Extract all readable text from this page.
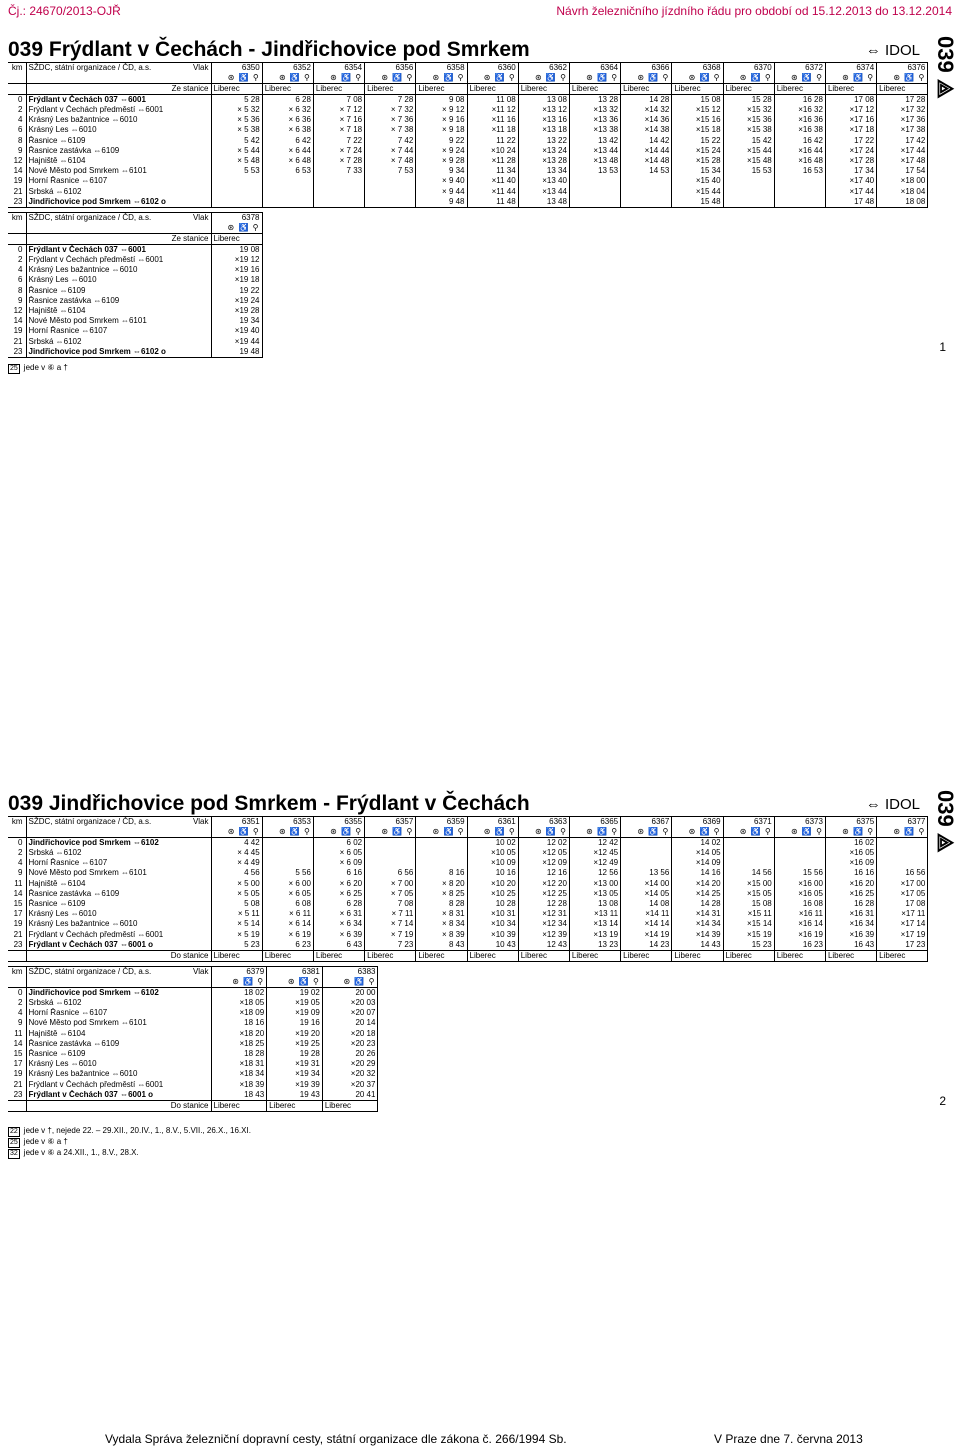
Čj.: 24670/2013-OJŘ	Návrh železničního jízdního řádu pro období od 15.12.2013 do 13.12.2014
039 Frýdlant v Čechách - Jindřichovice pod Smrkem	⇔ IDOL 039 ⟁
1
km	SŽDC, státní organizace / ČD, a.s. Vlak	6350	6352	6354	6356	6358	6360	6362	6364	6366	6368	6370	6372	6374	6376
		⊛ ♿ ⚲	⊛ ♿ ⚲	⊛ ♿ ⚲	⊛ ♿ ⚲	⊛ ♿ ⚲	⊛ ♿ ⚲	⊛ ♿ ⚲	⊛ ♿ ⚲	⊛ ♿ ⚲	⊛ ♿ ⚲	⊛ ♿ ⚲	⊛ ♿ ⚲	⊛ ♿ ⚲	⊛ ♿ ⚲
	Ze stanice	Liberec	Liberec	Liberec	Liberec	Liberec	Liberec	Liberec	Liberec	Liberec	Liberec	Liberec	Liberec	Liberec	Liberec
0	Frýdlant v Čechách 037 ⇔6001	5 28	6 28	7 08	7 28	9 08	11 08	13 08	13 28	14 28	15 08	15 28	16 28	17 08	17 28
2	Frýdlant v Čechách předměstí ⇔6001	× 5 32	× 6 32	× 7 12	× 7 32	× 9 12	×11 12	×13 12	×13 32	×14 32	×15 12	×15 32	×16 32	×17 12	×17 32
4	Krásný Les bažantnice ⇔6010	× 5 36	× 6 36	× 7 16	× 7 36	× 9 16	×11 16	×13 16	×13 36	×14 36	×15 16	×15 36	×16 36	×17 16	×17 36
6	Krásný Les ⇔6010	× 5 38	× 6 38	× 7 18	× 7 38	× 9 18	×11 18	×13 18	×13 38	×14 38	×15 18	×15 38	×16 38	×17 18	×17 38
8	Řasnice ⇔6109	5 42	6 42	7 22	7 42	9 22	11 22	13 22	13 42	14 42	15 22	15 42	16 42	17 22	17 42
9	Řasnice zastávka ⇔6109	× 5 44	× 6 44	× 7 24	× 7 44	× 9 24	×10 24	×13 24	×13 44	×14 44	×15 24	×15 44	×16 44	×17 24	×17 44
12	Hajniště ⇔6104	× 5 48	× 6 48	× 7 28	× 7 48	× 9 28	×11 28	×13 28	×13 48	×14 48	×15 28	×15 48	×16 48	×17 28	×17 48
14	Nové Město pod Smrkem ⇔6101	5 53	6 53	7 33	7 53	9 34	11 34	13 34	13 53	14 53	15 34	15 53	16 53	17 34	17 54
19	Horní Řasnice ⇔6107					× 9 40	×11 40	×13 40			×15 40			×17 40	×18 00
21	Srbská ⇔6102					× 9 44	×11 44	×13 44			×15 44			×17 44	×18 04
23	Jindřichovice pod Smrkem ⇔6102 o					9 48	11 48	13 48			15 48			17 48	18 08
km	SŽDC, státní organizace / ČD, a.s. Vlak	6378
		⊛ ♿ ⚲
	Ze stanice	Liberec
0	Frýdlant v Čechách 037 ⇔6001	19 08
2	Frýdlant v Čechách předměstí ⇔6001	×19 12
4	Krásný Les bažantnice ⇔6010	×19 16
6	Krásný Les ⇔6010	×19 18
8	Řasnice ⇔6109	19 22
9	Řasnice zastávka ⇔6109	×19 24
12	Hajniště ⇔6104	×19 28
14	Nové Město pod Smrkem ⇔6101	19 34
19	Horní Řasnice ⇔6107	×19 40
21	Srbská ⇔6102	×19 44
23	Jindřichovice pod Smrkem ⇔6102 o	19 48
25 jede v ⑥ a †
039 Jindřichovice pod Smrkem - Frýdlant v Čechách	⇔ IDOL 039 ⟁
2
km	SŽDC, státní organizace / ČD, a.s. Vlak	6351	6353	6355	6357	6359	6361	6363	6365	6367	6369	6371	6373	6375	6377
		⊛ ♿ ⚲	⊛ ♿ ⚲	⊛ ♿ ⚲	⊛ ♿ ⚲	⊛ ♿ ⚲	⊛ ♿ ⚲	⊛ ♿ ⚲	⊛ ♿ ⚲	⊛ ♿ ⚲	⊛ ♿ ⚲	⊛ ♿ ⚲	⊛ ♿ ⚲	⊛ ♿ ⚲	⊛ ♿ ⚲
0	Jindřichovice pod Smrkem ⇔6102	4 42		6 02			10 02	12 02	12 42		14 02			16 02	
2	Srbská ⇔6102	× 4 45		× 6 05			×10 05	×12 05	×12 45		×14 05			×16 05	
4	Horní Řasnice ⇔6107	× 4 49		× 6 09			×10 09	×12 09	×12 49		×14 09			×16 09	
9	Nové Město pod Smrkem ⇔6101	4 56	5 56	6 16	6 56	8 16	10 16	12 16	12 56	13 56	14 16	14 56	15 56	16 16	16 56
11	Hajniště ⇔6104	× 5 00	× 6 00	× 6 20	× 7 00	× 8 20	×10 20	×12 20	×13 00	×14 00	×14 20	×15 00	×16 00	×16 20	×17 00
14	Řasnice zastávka ⇔6109	× 5 05	× 6 05	× 6 25	× 7 05	× 8 25	×10 25	×12 25	×13 05	×14 05	×14 25	×15 05	×16 05	×16 25	×17 05
15	Řasnice ⇔6109	5 08	6 08	6 28	7 08	8 28	10 28	12 28	13 08	14 08	14 28	15 08	16 08	16 28	17 08
17	Krásný Les ⇔6010	× 5 11	× 6 11	× 6 31	× 7 11	× 8 31	×10 31	×12 31	×13 11	×14 11	×14 31	×15 11	×16 11	×16 31	×17 11
19	Krásný Les bažantnice ⇔6010	× 5 14	× 6 14	× 6 34	× 7 14	× 8 34	×10 34	×12 34	×13 14	×14 14	×14 34	×15 14	×16 14	×16 34	×17 14
21	Frýdlant v Čechách předměstí ⇔6001	× 5 19	× 6 19	× 6 39	× 7 19	× 8 39	×10 39	×12 39	×13 19	×14 19	×14 39	×15 19	×16 19	×16 39	×17 19
23	Frýdlant v Čechách 037 ⇔6001 o	5 23	6 23	6 43	7 23	8 43	10 43	12 43	13 23	14 23	14 43	15 23	16 23	16 43	17 23
	Do stanice	Liberec	Liberec	Liberec	Liberec	Liberec	Liberec	Liberec	Liberec	Liberec	Liberec	Liberec	Liberec	Liberec	Liberec
km	SŽDC, státní organizace / ČD, a.s. Vlak	6379	6381	6383
		⊛ ♿ ⚲	⊛ ♿ ⚲	⊛ ♿ ⚲
0	Jindřichovice pod Smrkem ⇔6102	18 02	19 02	20 00
2	Srbská ⇔6102	×18 05	×19 05	×20 03
4	Horní Řasnice ⇔6107	×18 09	×19 09	×20 07
9	Nové Město pod Smrkem ⇔6101	18 16	19 16	20 14
11	Hajniště ⇔6104	×18 20	×19 20	×20 18
14	Řasnice zastávka ⇔6109	×18 25	×19 25	×20 23
15	Řasnice ⇔6109	18 28	19 28	20 26
17	Krásný Les ⇔6010	×18 31	×19 31	×20 29
19	Krásný Les bažantnice ⇔6010	×18 34	×19 34	×20 32
21	Frýdlant v Čechách předměstí ⇔6001	×18 39	×19 39	×20 37
23	Frýdlant v Čechách 037 ⇔6001 o	18 43	19 43	20 41
	Do stanice	Liberec	Liberec	Liberec
22 jede v †, nejede 22. – 29.XII., 20.IV., 1., 8.V., 5.VII., 26.X., 16.XI.
25 jede v ⑥ a †
32 jede v ⑥ a 24.XII., 1., 8.V., 28.X.
Vydala Správa železniční dopravní cesty, státní organizace dle zákona č. 266/1994 Sb.	V Praze dne 7. června 2013
